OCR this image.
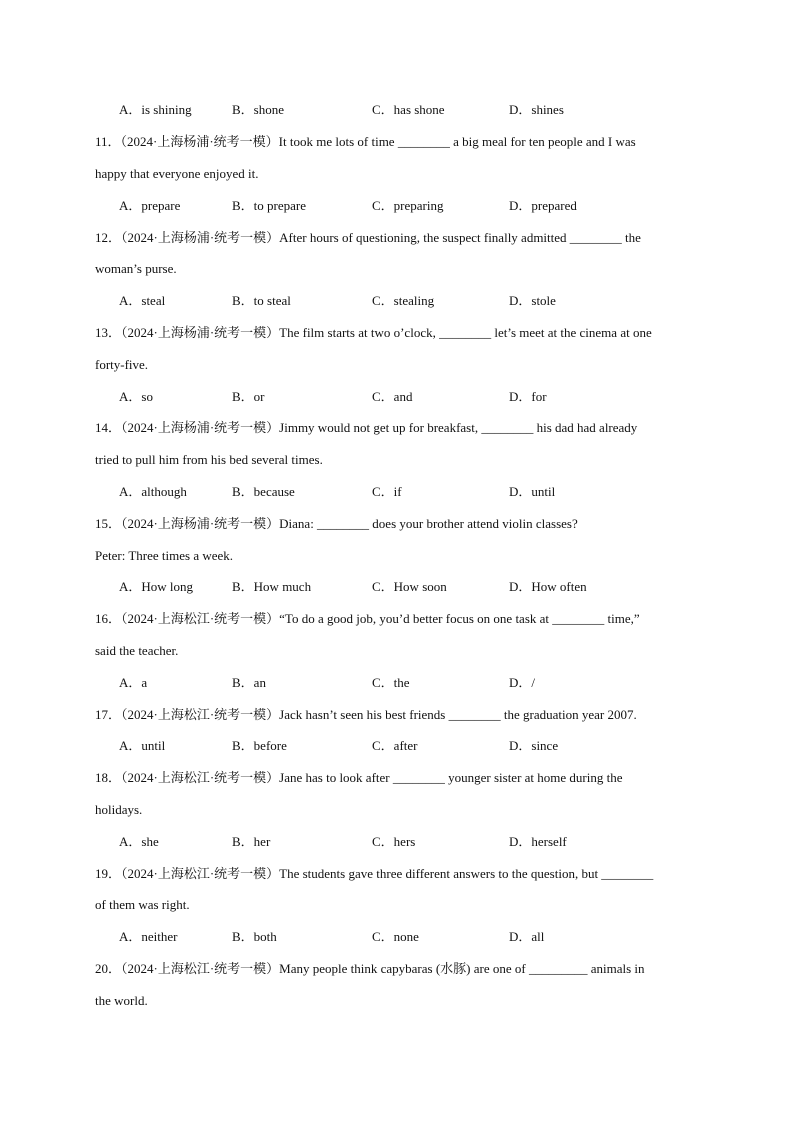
A．is shining	B．shone	C．has shone	D．shines
11．（2024·上海杨浦·统考一模）It took me lots of time ________ a big meal for ten people and I was
happy that everyone enjoyed it.
A．prepare	B．to prepare	C．preparing	D．prepared
12．（2024·上海杨浦·统考一模）After hours of questioning, the suspect finally admitted ________ the
woman’s purse.
A．steal	B．to steal	C．stealing	D．stole
13．（2024·上海杨浦·统考一模）The film starts at two o’clock, ________ let’s meet at the cinema at one
forty-five.
A．so	B．or	C．and	D．for
14．（2024·上海杨浦·统考一模）Jimmy would not get up for breakfast, ________ his dad had already
tried to pull him from his bed several times.
A．although	B．because	C．if	D．until
15．（2024·上海杨浦·统考一模）Diana: ________ does your brother attend violin classes?
Peter: Three times a week.
A．How long	B．How much	C．How soon	D．How often
16．（2024·上海松江·统考一模）“To do a good job, you’d better focus on one task at ________ time,”
said the teacher.
A．a	B．an	C．the	D．/
17．（2024·上海松江·统考一模）Jack hasn’t seen his best friends ________ the graduation year 2007.
A．until	B．before	C．after	D．since
18．（2024·上海松江·统考一模）Jane has to look after ________ younger sister at home during the
holidays.
A．she	B．her	C．hers	D．herself
19．（2024·上海松江·统考一模）The students gave three different answers to the question, but ________
of them was right.
A．neither	B．both	C．none	D．all
20．（2024·上海松江·统考一模）Many people think capybaras (水豚) are one of _________ animals in
the world.
